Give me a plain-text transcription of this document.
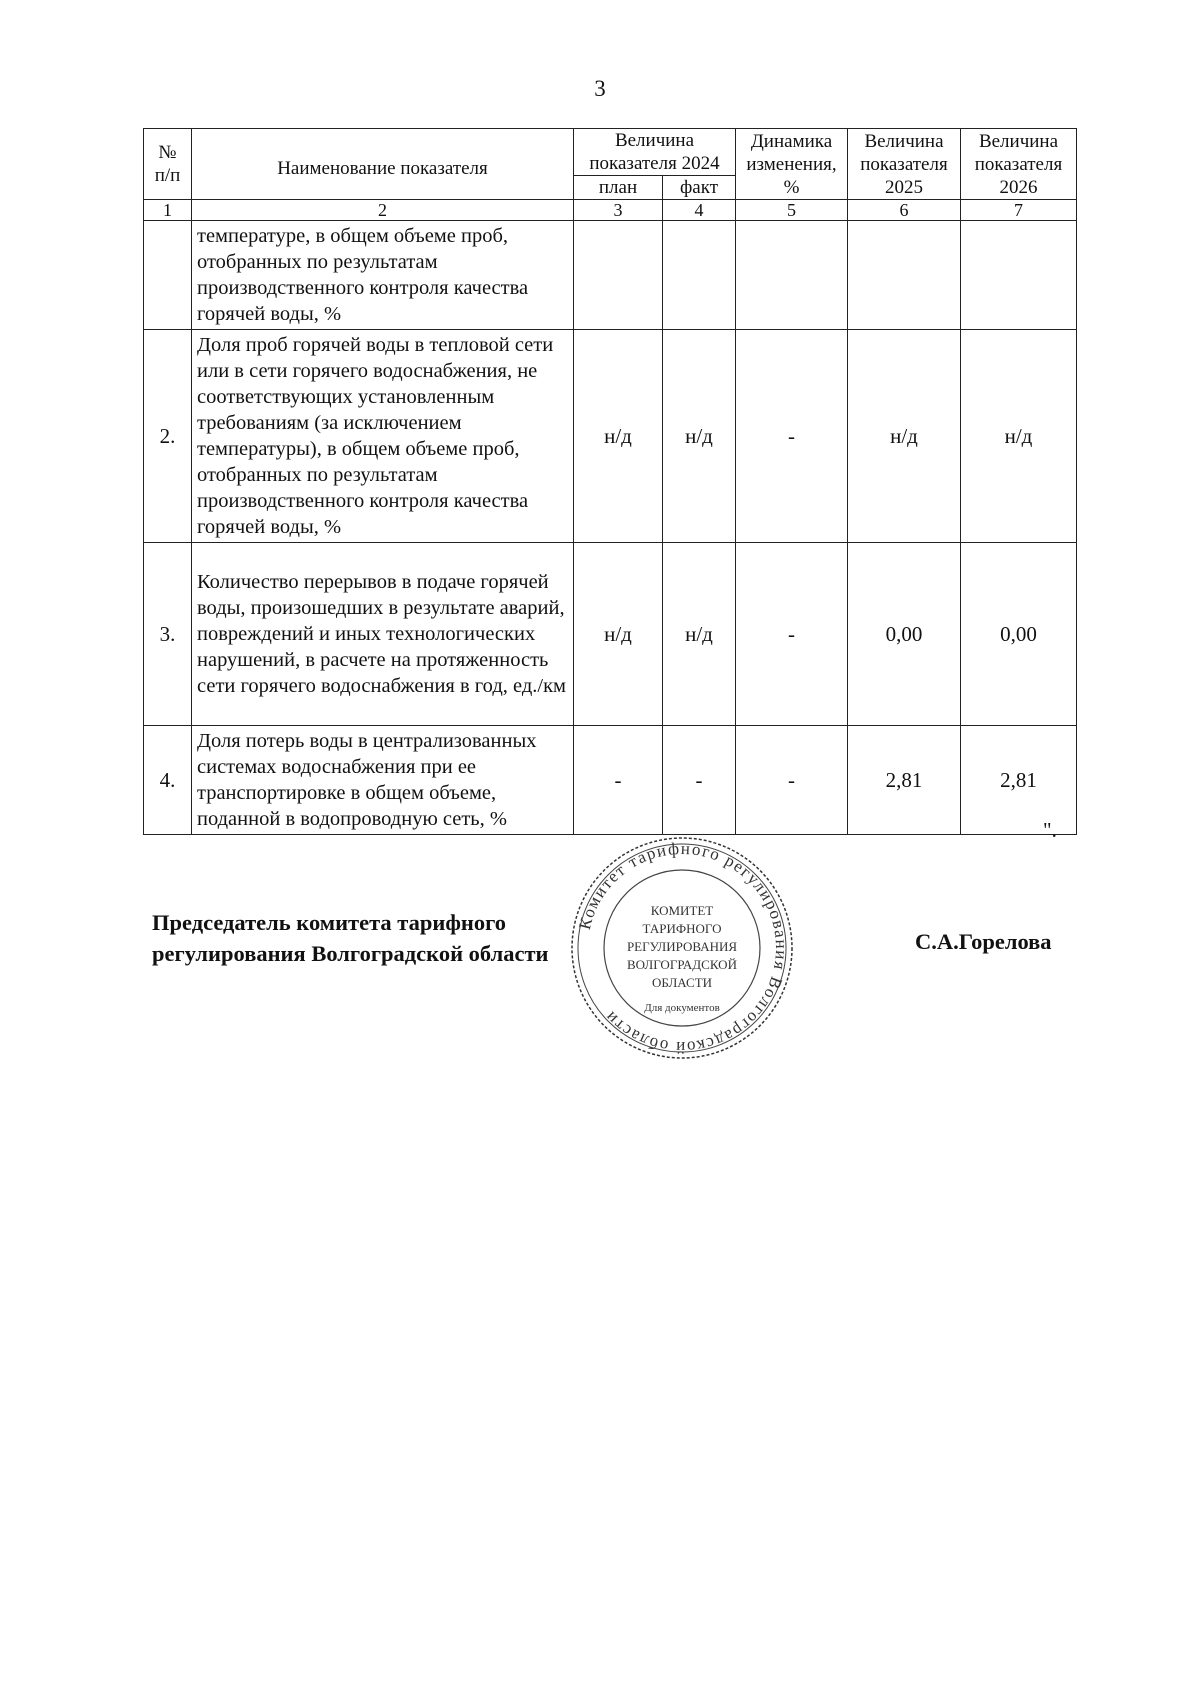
3
№ п/п	Наименование показателя	Величина показателя 2024		Динамика изменения, %	Величина показателя 2025	Величина показателя 2026
		план	факт			
1	2	3	4	5	6	7
	температуре, в общем объеме проб, отобранных по результатам производственного контроля качества горячей воды, %					
2.	Доля проб горячей воды в тепловой сети или в сети горячего водоснабжения, не соответствующих установленным требованиям (за исключением температуры), в общем объеме проб, отобранных по результатам производственного контроля качества горячей воды, %	н/д	н/д	-	н/д	н/д
3.	Количество перерывов в подаче горячей воды, произошедших в результате аварий, повреждений и иных технологических нарушений, в расчете на протяженность сети горячего водоснабжения в год, ед./км	н/д	н/д	-	0,00	0,00
4.	Доля потерь воды в централизованных системах водоснабжения при ее транспортировке в общем объеме, поданной в водопроводную сеть, %	-	-	-	2,81	2,81
".
Председатель комитета тарифного
регулирования Волгоградской области
Комитет тарифного регулирования Волгоградской области
КОМИТЕТ
ТАРИФНОГО
РЕГУЛИРОВАНИЯ
ВОЛГОГРАДСКОЙ
ОБЛАСТИ
Для документов
С.А.Горелова
